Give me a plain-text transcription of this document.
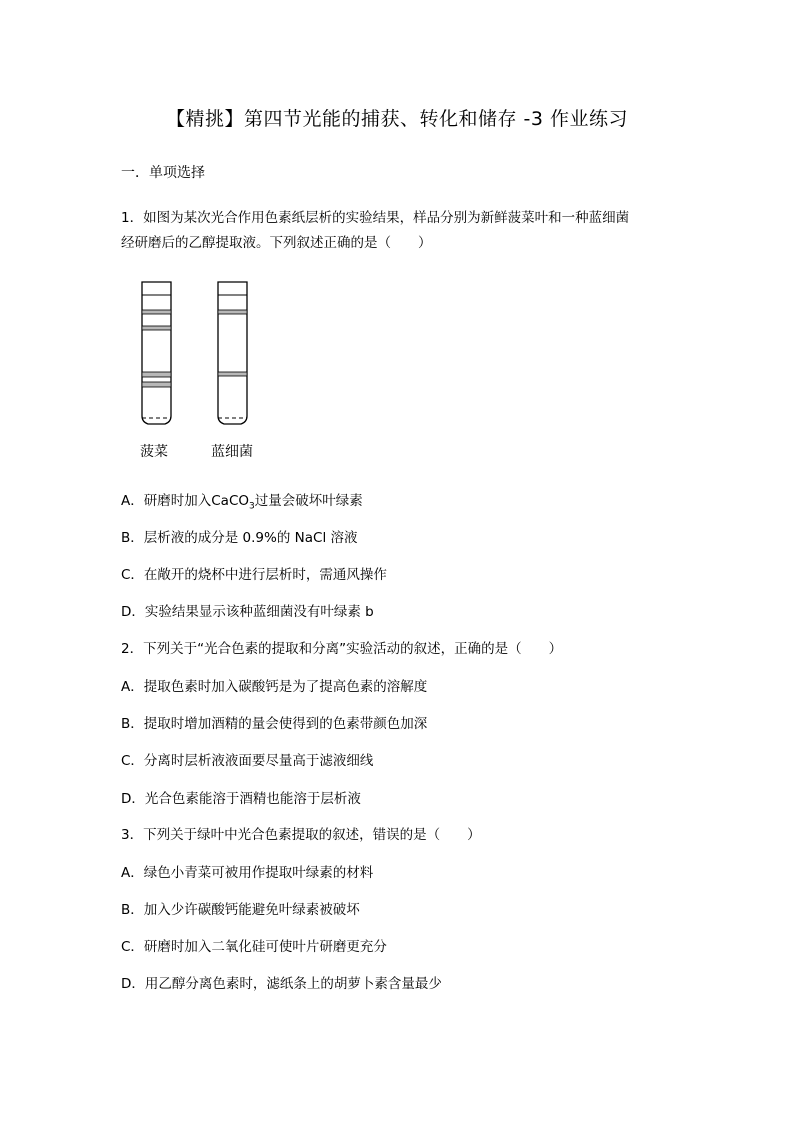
【精挑】第四节光能的捕获、转化和储存 -3 作业练习
一．单项选择
1．如图为某次光合作用色素纸层析的实验结果，样品分别为新鲜菠菜叶和一种蓝细菌
经研磨后的乙醇提取液。下列叙述正确的是（　　）
菠菜	蓝细菌
A．研磨时加入CaCO$_3$过量会破坏叶绿素
B．层析液的成分是 0.9%的 NaCl 溶液
C．在敞开的烧杯中进行层析时，需通风操作
D．实验结果显示该种蓝细菌没有叶绿素 b
2．下列关于“光合色素的提取和分离”实验活动的叙述，正确的是（　　）
A．提取色素时加入碳酸钙是为了提高色素的溶解度
B．提取时增加酒精的量会使得到的色素带颜色加深
C．分离时层析液液面要尽量高于滤液细线
D．光合色素能溶于酒精也能溶于层析液
3．下列关于绿叶中光合色素提取的叙述，错误的是（　　）
A．绿色小青菜可被用作提取叶绿素的材料
B．加入少许碳酸钙能避免叶绿素被破坏
C．研磨时加入二氧化硅可使叶片研磨更充分
D．用乙醇分离色素时，滤纸条上的胡萝卜素含量最少
